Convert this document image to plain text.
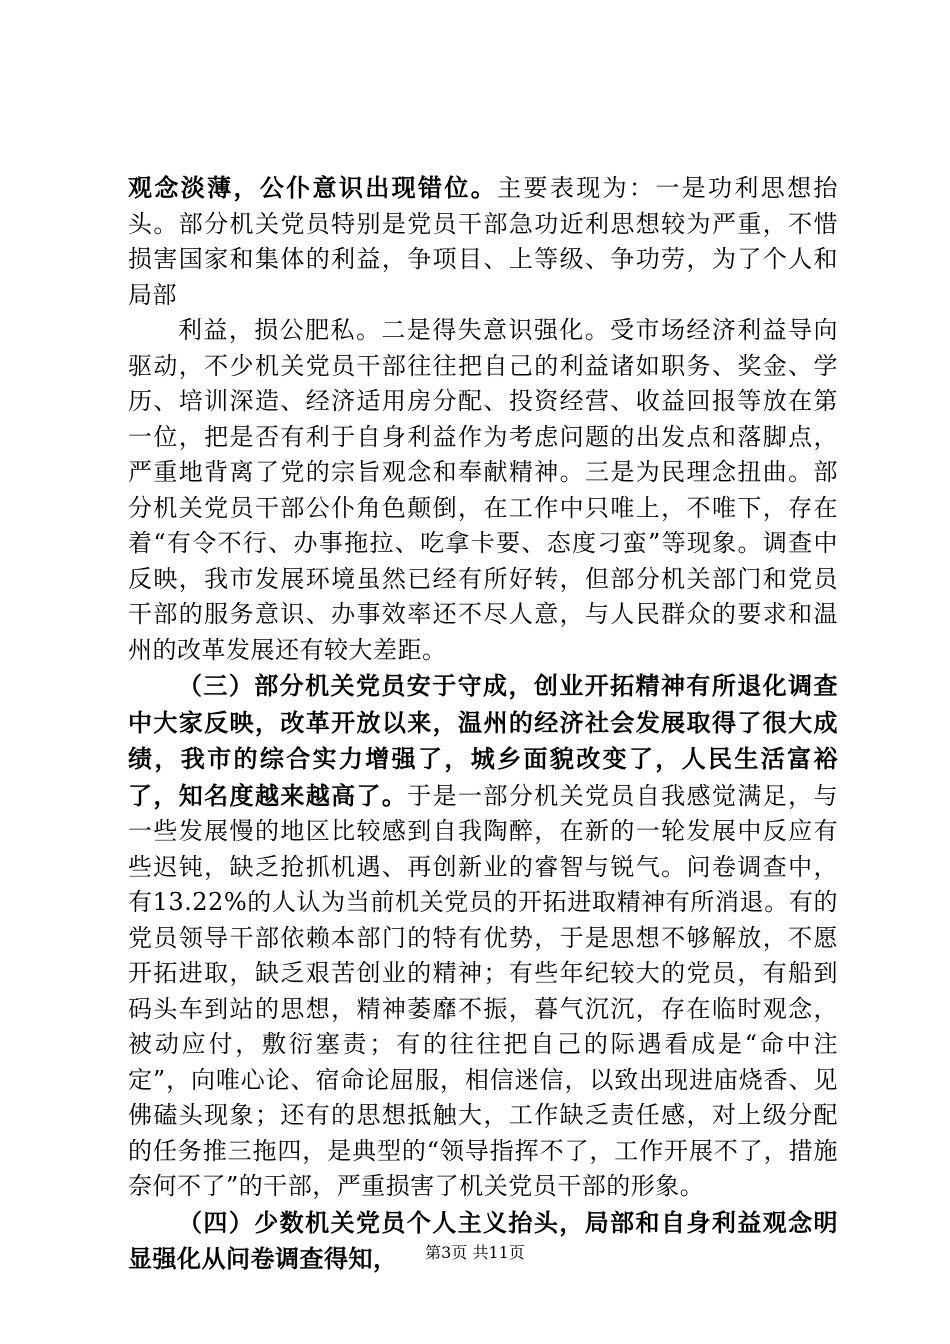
观念淡薄，公仆意识出现错位。主要表现为：一是功利思想抬头。部分机关党员特别是党员干部急功近利思想较为严重，不惜损害国家和集体的利益，争项目、上等级、争功劳，为了个人和局部

利益，损公肥私。二是得失意识强化。受市场经济利益导向驱动，不少机关党员干部往往把自己的利益诸如职务、奖金、学历、培训深造、经济适用房分配、投资经营、收益回报等放在第一位，把是否有利于自身利益作为考虑问题的出发点和落脚点，严重地背离了党的宗旨观念和奉献精神。三是为民理念扭曲。部分机关党员干部公仆角色颠倒，在工作中只唯上，不唯下，存在着“有令不行、办事拖拉、吃拿卡要、态度刁蛮”等现象。调查中反映，我市发展环境虽然已经有所好转，但部分机关部门和党员干部的服务意识、办事效率还不尽人意，与人民群众的要求和温州的改革发展还有较大差距。

（三）部分机关党员安于守成，创业开拓精神有所退化调查中大家反映，改革开放以来，温州的经济社会发展取得了很大成绩，我市的综合实力增强了，城乡面貌改变了，人民生活富裕了，知名度越来越高了。于是一部分机关党员自我感觉满足，与一些发展慢的地区比较感到自我陶醉，在新的一轮发展中反应有些迟钝，缺乏抢抓机遇、再创新业的睿智与锐气。问卷调查中，有13.22%的人认为当前机关党员的开拓进取精神有所消退。有的党员领导干部依赖本部门的特有优势，于是思想不够解放，不愿开拓进取，缺乏艰苦创业的精神；有些年纪较大的党员，有船到码头车到站的思想，精神萎靡不振，暮气沉沉，存在临时观念，被动应付，敷衍塞责；有的往往把自己的际遇看成是“命中注定”，向唯心论、宿命论屈服，相信迷信，以致出现进庙烧香、见佛磕头现象；还有的思想抵触大，工作缺乏责任感，对上级分配的任务推三拖四，是典型的“领导指挥不了，工作开展不了，措施奈何不了”的干部，严重损害了机关党员干部的形象。

（四）少数机关党员个人主义抬头，局部和自身利益观念明显强化从问卷调查得知，	第3页 共11页
